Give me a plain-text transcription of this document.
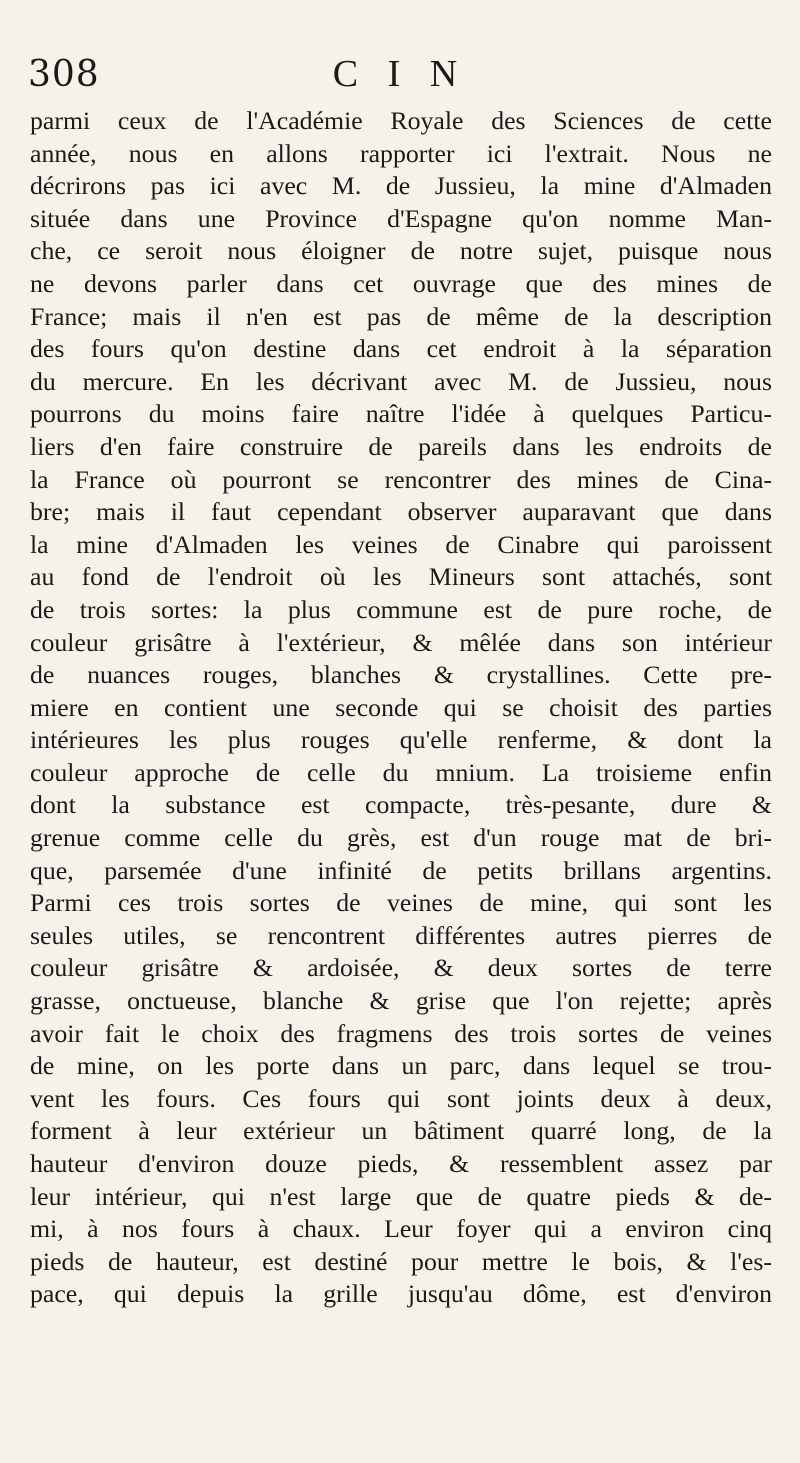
308	C I N
parmi ceux de l'Académie Royale des Sciences de cette
année, nous en allons rapporter ici l'extrait. Nous ne
décrirons pas ici avec M. de Jussieu, la mine d'Almaden
située dans une Province d'Espagne qu'on nomme Man-
che, ce seroit nous éloigner de notre sujet, puisque nous
ne devons parler dans cet ouvrage que des mines de
France; mais il n'en est pas de même de la description
des fours qu'on destine dans cet endroit à la séparation
du mercure. En les décrivant avec M. de Jussieu, nous
pourrons du moins faire naître l'idée à quelques Particu-
liers d'en faire construire de pareils dans les endroits de
la France où pourront se rencontrer des mines de Cina-
bre; mais il faut cependant observer auparavant que dans
la mine d'Almaden les veines de Cinabre qui paroissent
au fond de l'endroit où les Mineurs sont attachés, sont
de trois sortes: la plus commune est de pure roche, de
couleur grisâtre à l'extérieur, & mêlée dans son intérieur
de nuances rouges, blanches & crystallines. Cette pre-
miere en contient une seconde qui se choisit des parties
intérieures les plus rouges qu'elle renferme, & dont la
couleur approche de celle du mnium. La troisieme enfin
dont la substance est compacte, très-pesante, dure &
grenue comme celle du grès, est d'un rouge mat de bri-
que, parsemée d'une infinité de petits brillans argentins.
Parmi ces trois sortes de veines de mine, qui sont les
seules utiles, se rencontrent différentes autres pierres de
couleur grisâtre & ardoisée, & deux sortes de terre
grasse, onctueuse, blanche & grise que l'on rejette; après
avoir fait le choix des fragmens des trois sortes de veines
de mine, on les porte dans un parc, dans lequel se trou-
vent les fours. Ces fours qui sont joints deux à deux,
forment à leur extérieur un bâtiment quarré long, de la
hauteur d'environ douze pieds, & ressemblent assez par
leur intérieur, qui n'est large que de quatre pieds & de-
mi, à nos fours à chaux. Leur foyer qui a environ cinq
pieds de hauteur, est destiné pour mettre le bois, & l'es-
pace, qui depuis la grille jusqu'au dôme, est d'environ
